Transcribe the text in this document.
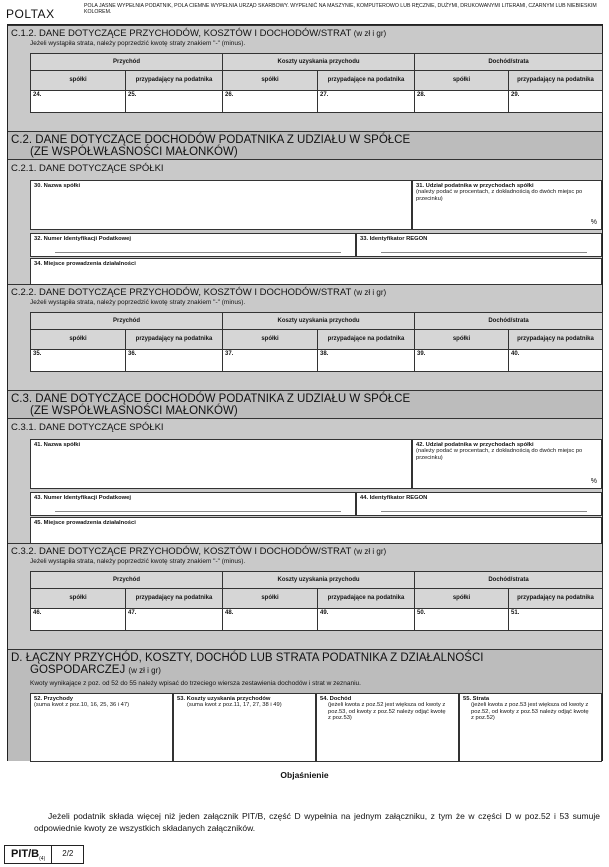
POLTAX
POLA JASNE WYPEŁNIA PODATNIK, POLA CIEMNE WYPEŁNIA URZĄD SKARBOWY. WYPEŁNIĆ NA MASZYNIE, KOMPUTEROWO LUB RĘCZNIE, DUŻYMI, DRUKOWANYMI LITERAMI, CZARNYM LUB NIEBIESKIM KOLOREM.
C.1.2. DANE DOTYCZĄCE PRZYCHODÓW, KOSZTÓW I DOCHODÓW/STRAT (w zł i gr)
Jeżeli wystąpiła strata, należy poprzedzić kwotę straty znakiem "-" (minus).
Przychód		Koszty uzyskania przychodu		Dochód/strata	
spółki	przypadający na podatnika	spółki	przypadające na podatnika	spółki	przypadający na podatnika
24.	25.	26.	27.	28.	29.
C.2. DANE DOTYCZĄCE DOCHODÓW PODATNIKA Z UDZIAŁU W SPÓŁCE
(ZE WSPÓŁWŁASNOŚCI MAŁONKÓW)
C.2.1. DANE DOTYCZĄCE SPÓŁKI
30. Nazwa spółki	31. Udział podatnika w przychodach spółki
(należy podać w procentach, z dokładnością do dwóch miejsc po przecinku)
%
32. Numer Identyfikacji Podatkowej	33. Identyfikator REGON
34. Miejsce prowadzenia działalności
C.2.2. DANE DOTYCZĄCE PRZYCHODÓW, KOSZTÓW I DOCHODÓW/STRAT (w zł i gr)
Jeżeli wystąpiła strata, należy poprzedzić kwotę straty znakiem "-" (minus).
Przychód		Koszty uzyskania przychodu		Dochód/strata	
spółki	przypadający na podatnika	spółki	przypadające na podatnika	spółki	przypadający na podatnika
35.	36.	37.	38.	39.	40.
C.3. DANE DOTYCZĄCE DOCHODÓW PODATNIKA Z UDZIAŁU W SPÓŁCE
(ZE WSPÓŁWŁASNOŚCI MAŁONKÓW)
C.3.1. DANE DOTYCZĄCE SPÓŁKI
41. Nazwa spółki	42. Udział podatnika w przychodach spółki
(należy podać w procentach, z dokładnością do dwóch miejsc po przecinku)
%
43. Numer Identyfikacji Podatkowej	44. Identyfikator REGON
45. Miejsce prowadzenia działalności
C.3.2. DANE DOTYCZĄCE PRZYCHODÓW, KOSZTÓW I DOCHODÓW/STRAT (w zł i gr)
Jeżeli wystąpiła strata, należy poprzedzić kwotę straty znakiem "-" (minus).
Przychód		Koszty uzyskania przychodu		Dochód/strata	
spółki	przypadający na podatnika	spółki	przypadające na podatnika	spółki	przypadający na podatnika
46.	47.	48.	49.	50.	51.
D. ŁĄCZNY PRZYCHÓD, KOSZTY, DOCHÓD LUB STRATA PODATNIKA Z DZIAŁALNOŚCI
GOSPODARCZEJ (w zł i gr)
Kwoty wynikające z poz. od 52 do 55 należy wpisać do trzeciego wiersza zestawienia dochodów i strat w zeznaniu.
52. Przychody
(suma kwot z poz.10, 16, 25, 36 i 47)
53. Koszty uzyskania przychodów
(suma kwot z poz.11, 17, 27, 38 i 49)
54. Dochód
(jeżeli kwota z poz.52 jest większa od kwoty z poz.53, od kwoty z poz.52 należy odjąć kwotę z poz.53)
55. Strata
(jeżeli kwota z poz.53 jest większa od kwoty z poz.52, od kwoty z poz.53 należy odjąć kwotę z poz.52)
Objaśnienie
Jeżeli podatnik składa więcej niż jeden załącznik PIT/B, część D wypełnia na jednym załączniku, z tym że w części D w poz.52 i 53 sumuje odpowiednie kwoty ze wszystkich składanych załączników.
PIT/$B_{(4)}$
2/2
